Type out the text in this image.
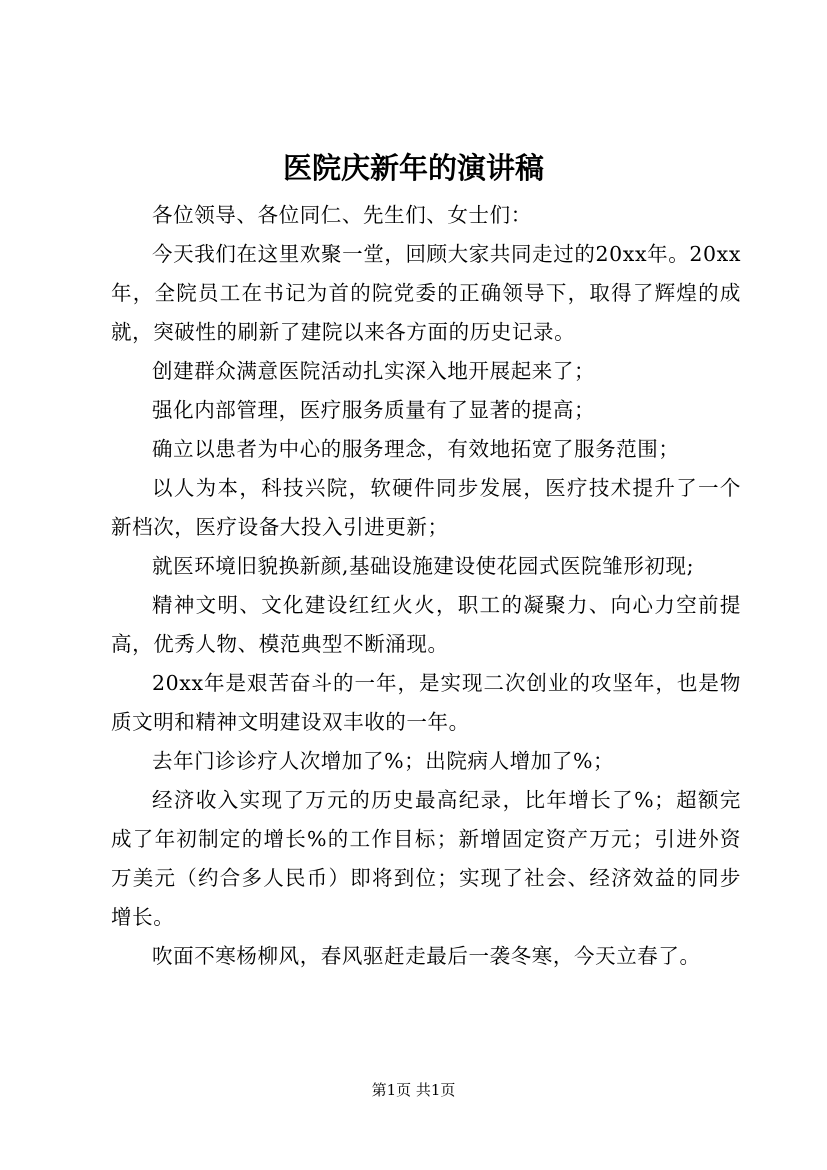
医院庆新年的演讲稿

各位领导、各位同仁、先生们、女士们：

今天我们在这里欢聚一堂，回顾大家共同走过的20xx年。20xx年，全院员工在书记为首的院党委的正确领导下，取得了辉煌的成就，突破性的刷新了建院以来各方面的历史记录。

创建群众满意医院活动扎实深入地开展起来了；

强化内部管理，医疗服务质量有了显著的提高；

确立以患者为中心的服务理念，有效地拓宽了服务范围；

以人为本，科技兴院，软硬件同步发展，医疗技术提升了一个新档次，医疗设备大投入引进更新；

就医环境旧貌换新颜,基础设施建设使花园式医院雏形初现;

精神文明、文化建设红红火火，职工的凝聚力、向心力空前提高，优秀人物、模范典型不断涌现。

20xx年是艰苦奋斗的一年，是实现二次创业的攻坚年，也是物质文明和精神文明建设双丰收的一年。

去年门诊诊疗人次增加了%；出院病人增加了%；

经济收入实现了万元的历史最高纪录，比年增长了%；超额完成了年初制定的增长%的工作目标；新增固定资产万元；引进外资万美元（约合多人民币）即将到位；实现了社会、经济效益的同步增长。

吹面不寒杨柳风，春风驱赶走最后一袭冬寒，今天立春了。

第1页 共1页
